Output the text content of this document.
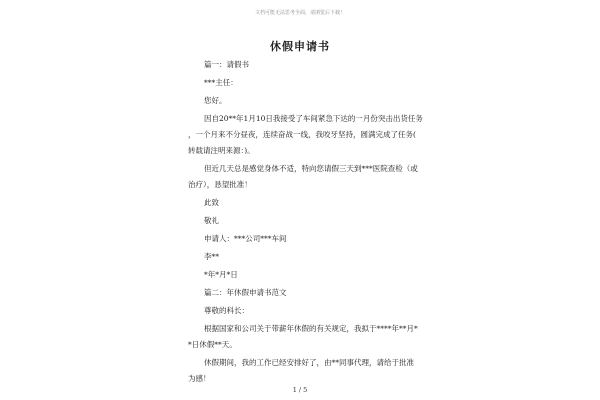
文档可能无法思考全面，请浏览后下载！
休假申请书
篇一：请假书
***主任：
您好。
因自20**年1月10日我接受了车间紧急下达的一月份突击出货任务
，一个月来不分昼夜，连续奋战一线，我咬牙坚持，圆满完成了任务(
转载请注明来源：)。
但近几天总是感觉身体不适，特向您请假三天到***医院查检（或
治疗），恳望批准！
此致
敬礼
申请人：***公司***车间
李**
*年*月*日
篇二：年休假申请书范文
尊敬的科长：
根据国家和公司关于带薪年休假的有关规定，我拟于****年**月*
*日休假**天。
休假期间，我的工作已经安排好了，由**同事代理，请给于批准
为感！
1 / 5
